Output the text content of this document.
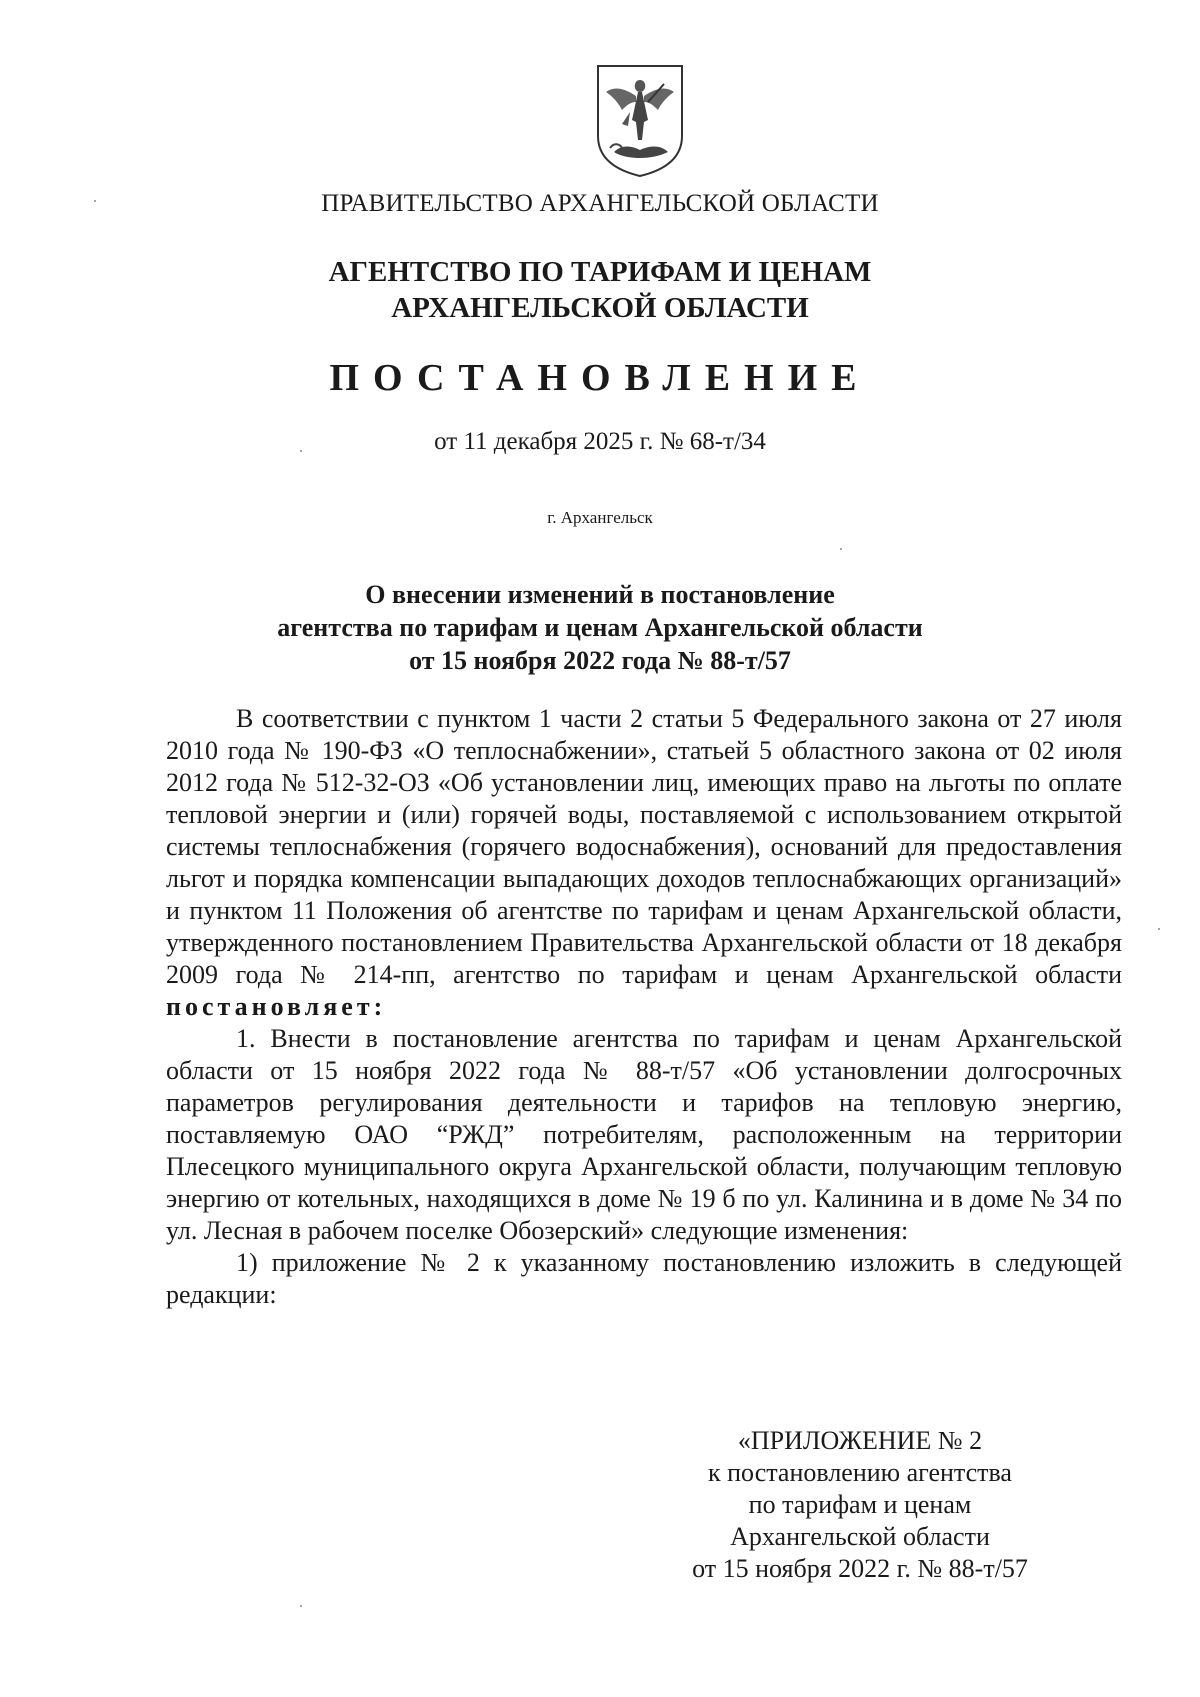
ПРАВИТЕЛЬСТВО АРХАНГЕЛЬСКОЙ ОБЛАСТИ
АГЕНТСТВО ПО ТАРИФАМ И ЦЕНАМ
АРХАНГЕЛЬСКОЙ ОБЛАСТИ
ПОСТАНОВЛЕНИЕ
от 11 декабря 2025 г. № 68-т/34
г. Архангельск
О внесении изменений в постановление
агентства по тарифам и ценам Архангельской области
от 15 ноября 2022 года № 88-т/57

В соответствии с пунктом 1 части 2 статьи 5 Федерального закона от 27 июля 2010 года № 190-ФЗ «О теплоснабжении», статьей 5 областного закона от 02 июля 2012 года № 512-32-ОЗ «Об установлении лиц, имеющих право на льготы по оплате тепловой энергии и (или) горячей воды, поставляемой с использованием открытой системы теплоснабжения (горячего водоснабжения), оснований для предоставления льгот и порядка компенсации выпадающих доходов теплоснабжающих организаций» и пунктом 11 Положения об агентстве по тарифам и ценам Архангельской области, утвержденного постановлением Правительства Архангельской области от 18 декабря 2009 года № 214-пп, агентство по тарифам и ценам Архангельской области постановляет:

1. Внести в постановление агентства по тарифам и ценам Архангельской области от 15 ноября 2022 года № 88-т/57 «Об установлении долгосрочных параметров регулирования деятельности и тарифов на тепловую энергию, поставляемую ОАО “РЖД” потребителям, расположенным на территории Плесецкого муниципального округа Архангельской области, получающим тепловую энергию от котельных, находящихся в доме № 19 б по ул. Калинина и в доме № 34 по ул. Лесная в рабочем поселке Обозерский» следующие изменения:

1) приложение № 2 к указанному постановлению изложить в следующей редакции:

«ПРИЛОЖЕНИЕ № 2
к постановлению агентства
по тарифам и ценам
Архангельской области
от 15 ноября 2022 г. № 88-т/57
